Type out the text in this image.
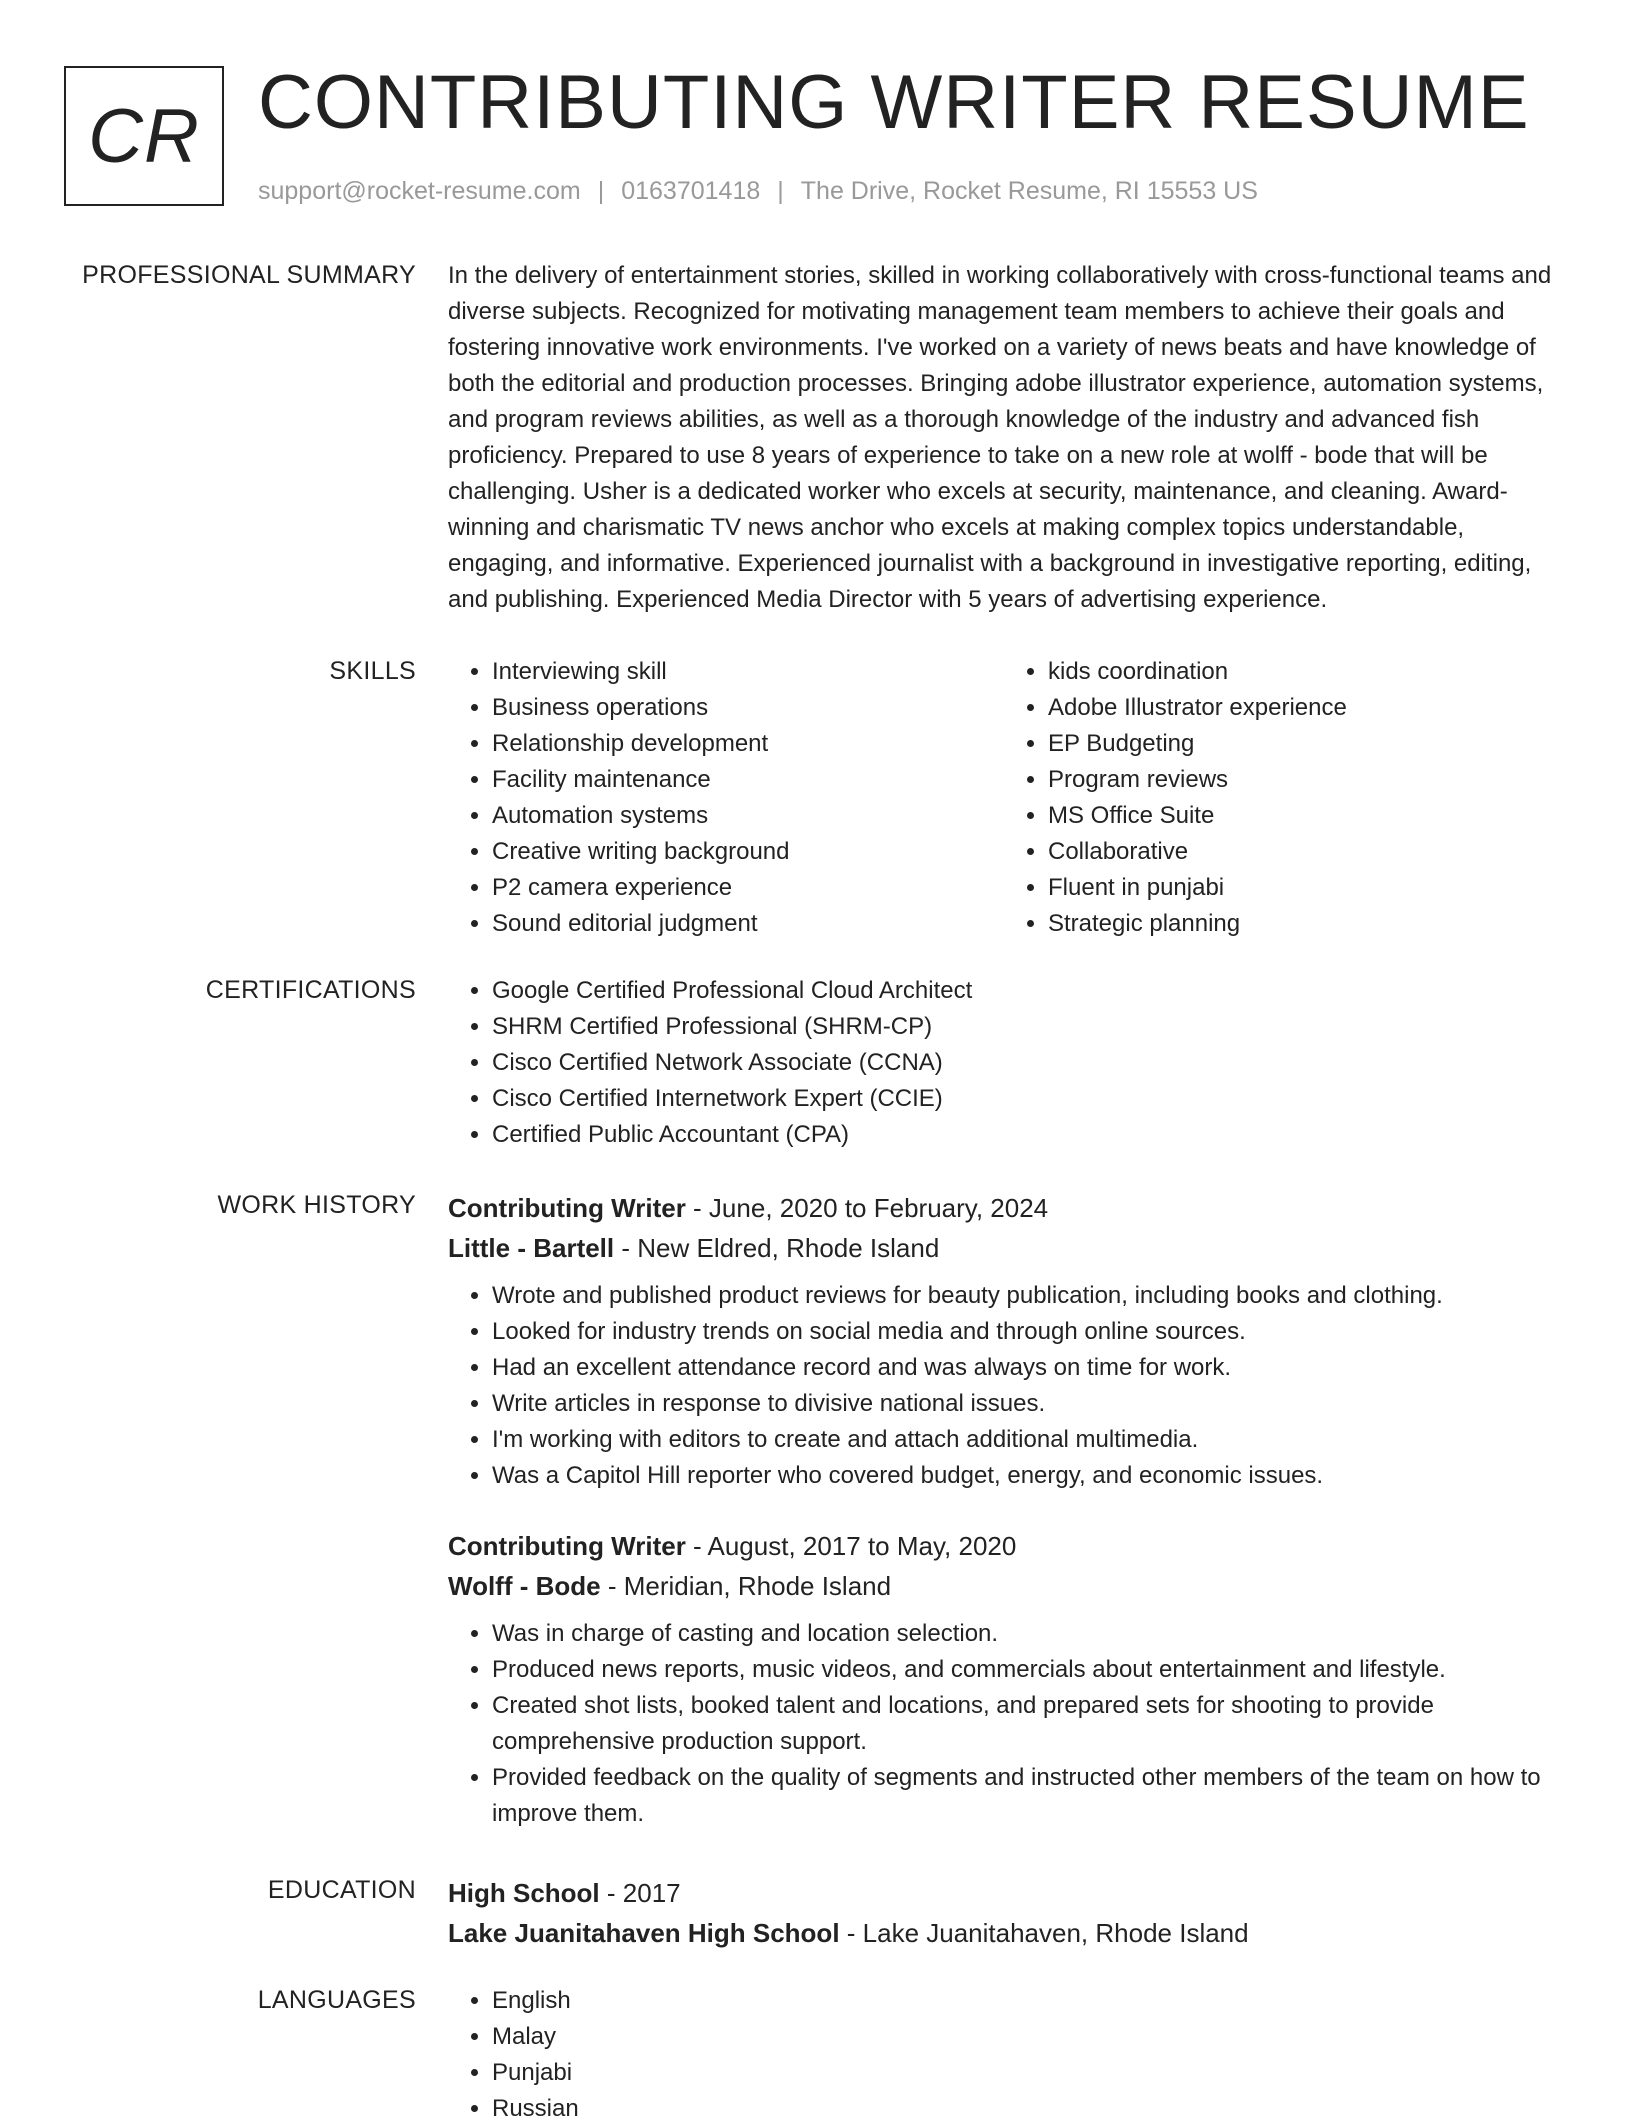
CR CONTRIBUTING WRITER RESUME
support@rocket-resume.com | 0163701418 | The Drive, Rocket Resume, RI 15553 US
PROFESSIONAL SUMMARY In the delivery of entertainment stories, skilled in working collaboratively with cross-functional teams and diverse subjects. Recognized for motivating management team members to achieve their goals and fostering innovative work environments. I've worked on a variety of news beats and have knowledge of both the editorial and production processes. Bringing adobe illustrator experience, automation systems, and program reviews abilities, as well as a thorough knowledge of the industry and advanced fish proficiency. Prepared to use 8 years of experience to take on a new role at wolff - bode that will be challenging. Usher is a dedicated worker who excels at security, maintenance, and cleaning. Award-winning and charismatic TV news anchor who excels at making complex topics understandable, engaging, and informative. Experienced journalist with a background in investigative reporting, editing, and publishing. Experienced Media Director with 5 years of advertising experience.

SKILLS	• Interviewing skill
• Business operations
• Relationship development
• Facility maintenance
• Automation systems
• Creative writing background
• P2 camera experience
• Sound editorial judgment
• kids coordination
• Adobe Illustrator experience
• EP Budgeting
• Program reviews
• MS Office Suite
• Collaborative
• Fluent in punjabi
• Strategic planning
CERTIFICATIONS	• Google Certified Professional Cloud Architect
• SHRM Certified Professional (SHRM-CP)
• Cisco Certified Network Associate (CCNA)
• Cisco Certified Internetwork Expert (CCIE)
• Certified Public Accountant (CPA)
WORK HISTORY Contributing Writer - June, 2020 to February, 2024
Little - Bartell - New Eldred, Rhode Island
• Wrote and published product reviews for beauty publication, including books and clothing.
• Looked for industry trends on social media and through online sources.
• Had an excellent attendance record and was always on time for work.
• Write articles in response to divisive national issues.
• I'm working with editors to create and attach additional multimedia.
• Was a Capitol Hill reporter who covered budget, energy, and economic issues.
Contributing Writer - August, 2017 to May, 2020
Wolff - Bode - Meridian, Rhode Island
• Was in charge of casting and location selection.
• Produced news reports, music videos, and commercials about entertainment and lifestyle.
• Created shot lists, booked talent and locations, and prepared sets for shooting to provide comprehensive production support.
• Provided feedback on the quality of segments and instructed other members of the team on how to improve them.
EDUCATION High School - 2017
Lake Juanitahaven High School - Lake Juanitahaven, Rhode Island
LANGUAGES	• English
• Malay
• Punjabi
• Russian
